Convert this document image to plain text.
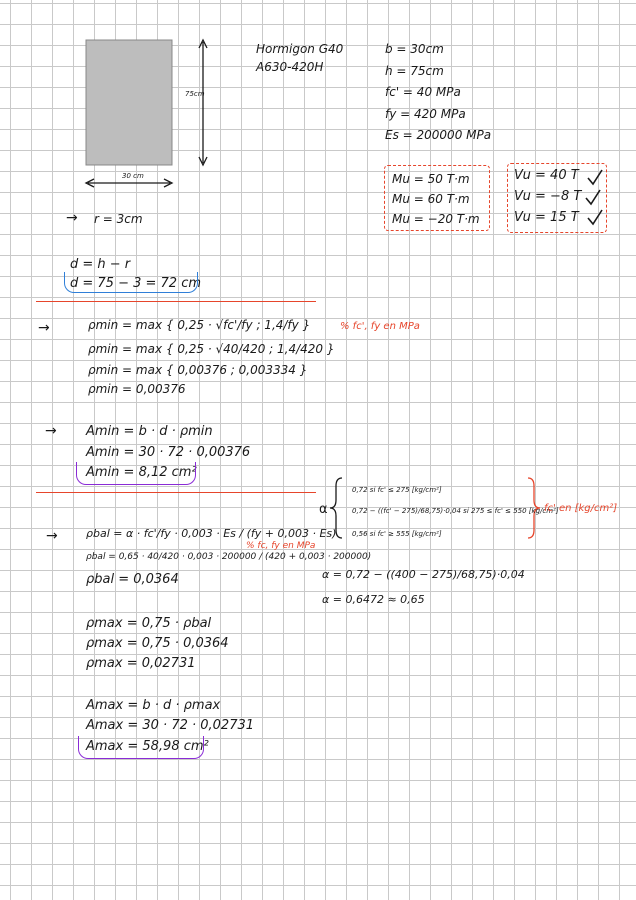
75cm
30 cm
Hormigon G40
A630-420H
b = 30cm
h = 75cm
fc' = 40 MPa
fy = 420 MPa
Es = 200000 MPa
Mu = 50 T·m
Mu = 60 T·m
Mu = −20 T·m
Vu = 40 T
Vu = −8 T
Vu = 15 T
→ r = 3cm
d = h − r
d = 75 − 3 = 72 cm
→	ρmin = max { 0,25 · √fc'/fy ; 1,4/fy }
ρmin = max { 0,25 · √40/420 ; 1,4/420 }
ρmin = max { 0,00376 ; 0,003334 }
ρmin = 0,00376
% fc', fy en MPa
→ Amin = b · d · ρmin
Amin = 30 · 72 · 0,00376
Amin = 8,12 cm²
α
0,72 si fc' ≤ 275 [kg/cm²]
0,72 − ((fc' − 275)/68,75)·0,04 si 275 ≤ fc' ≤ 550 [kg/cm²]
0,56 si fc' ≥ 555 [kg/cm²]
fc' en [kg/cm²]
→	ρbal = α · fc'/fy · 0,003 · Es / (fy + 0,003 · Es)
ρbal = 0,65 · 40/420 · 0,003 · 200000 / (420 + 0,003 · 200000)
ρbal = 0,0364
% fc, fy en MPa
α = 0,72 − ((400 − 275)/68,75)·0,04
α = 0,6472 ≈ 0,65
ρmax = 0,75 · ρbal
ρmax = 0,75 · 0,0364
ρmax = 0,02731
Amax = b · d · ρmax
Amax = 30 · 72 · 0,02731
Amax = 58,98 cm²
